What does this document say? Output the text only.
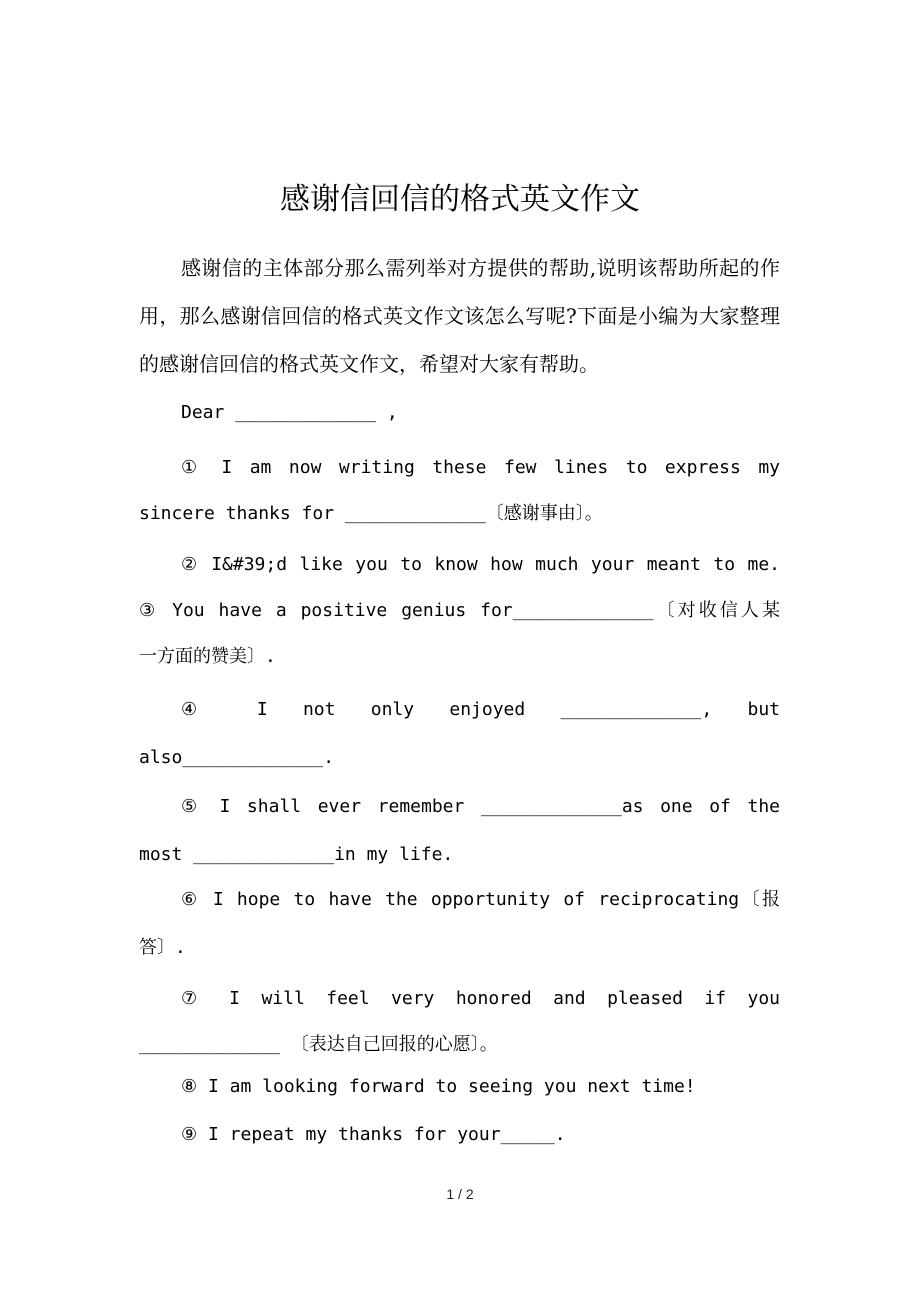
感谢信回信的格式英文作文

感谢信的主体部分那么需列举对方提供的帮助,说明该帮助所起的作用，那么感谢信回信的格式英文作文该怎么写呢?下面是小编为大家整理的感谢信回信的格式英文作文，希望对大家有帮助。

Dear _____________ ,

① I am now writing these few lines to express my
sincere thanks for _____________〔感谢事由〕。
② I&#39;d like you to know how much your meant to me.
③ You have a positive genius for_____________〔对收信人某
一方面的赞美〕.
④ I not only enjoyed _____________, but
also_____________.
⑤ I shall ever remember _____________as one of the
most _____________in my life.
⑥ I hope to have the opportunity of reciprocating〔报
答〕.
⑦ I will feel very honored and pleased if you
_____________ 〔表达自己回报的心愿〕。

⑧ I am looking forward to seeing you next time!

⑨ I repeat my thanks for your_____.

1 / 2
